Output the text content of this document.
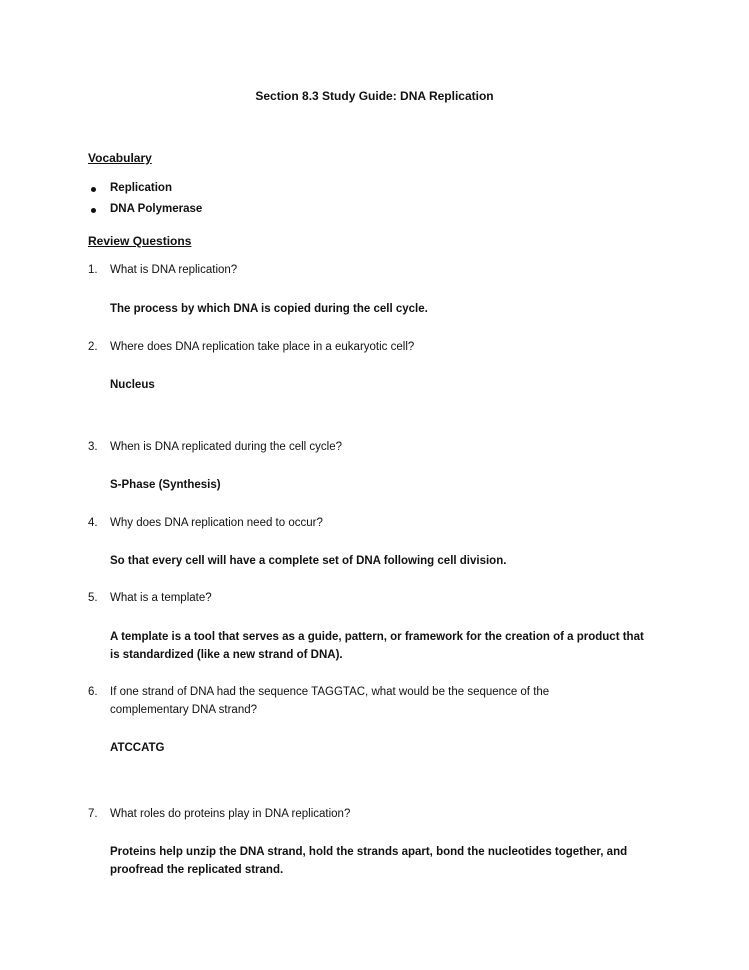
Section 8.3 Study Guide: DNA Replication
Vocabulary
Replication
DNA Polymerase
Review Questions
1. What is DNA replication?
The process by which DNA is copied during the cell cycle.
2. Where does DNA replication take place in a eukaryotic cell?
Nucleus
3. When is DNA replicated during the cell cycle?
S-Phase (Synthesis)
4. Why does DNA replication need to occur?
So that every cell will have a complete set of DNA following cell division.
5. What is a template?
A template is a tool that serves as a guide, pattern, or framework for the creation of a product that is standardized (like a new strand of DNA).
6. If one strand of DNA had the sequence TAGGTAC, what would be the sequence of the complementary DNA strand?
ATCCATG
7. What roles do proteins play in DNA replication?
Proteins help unzip the DNA strand, hold the strands apart, bond the nucleotides together, and proofread the replicated strand.
